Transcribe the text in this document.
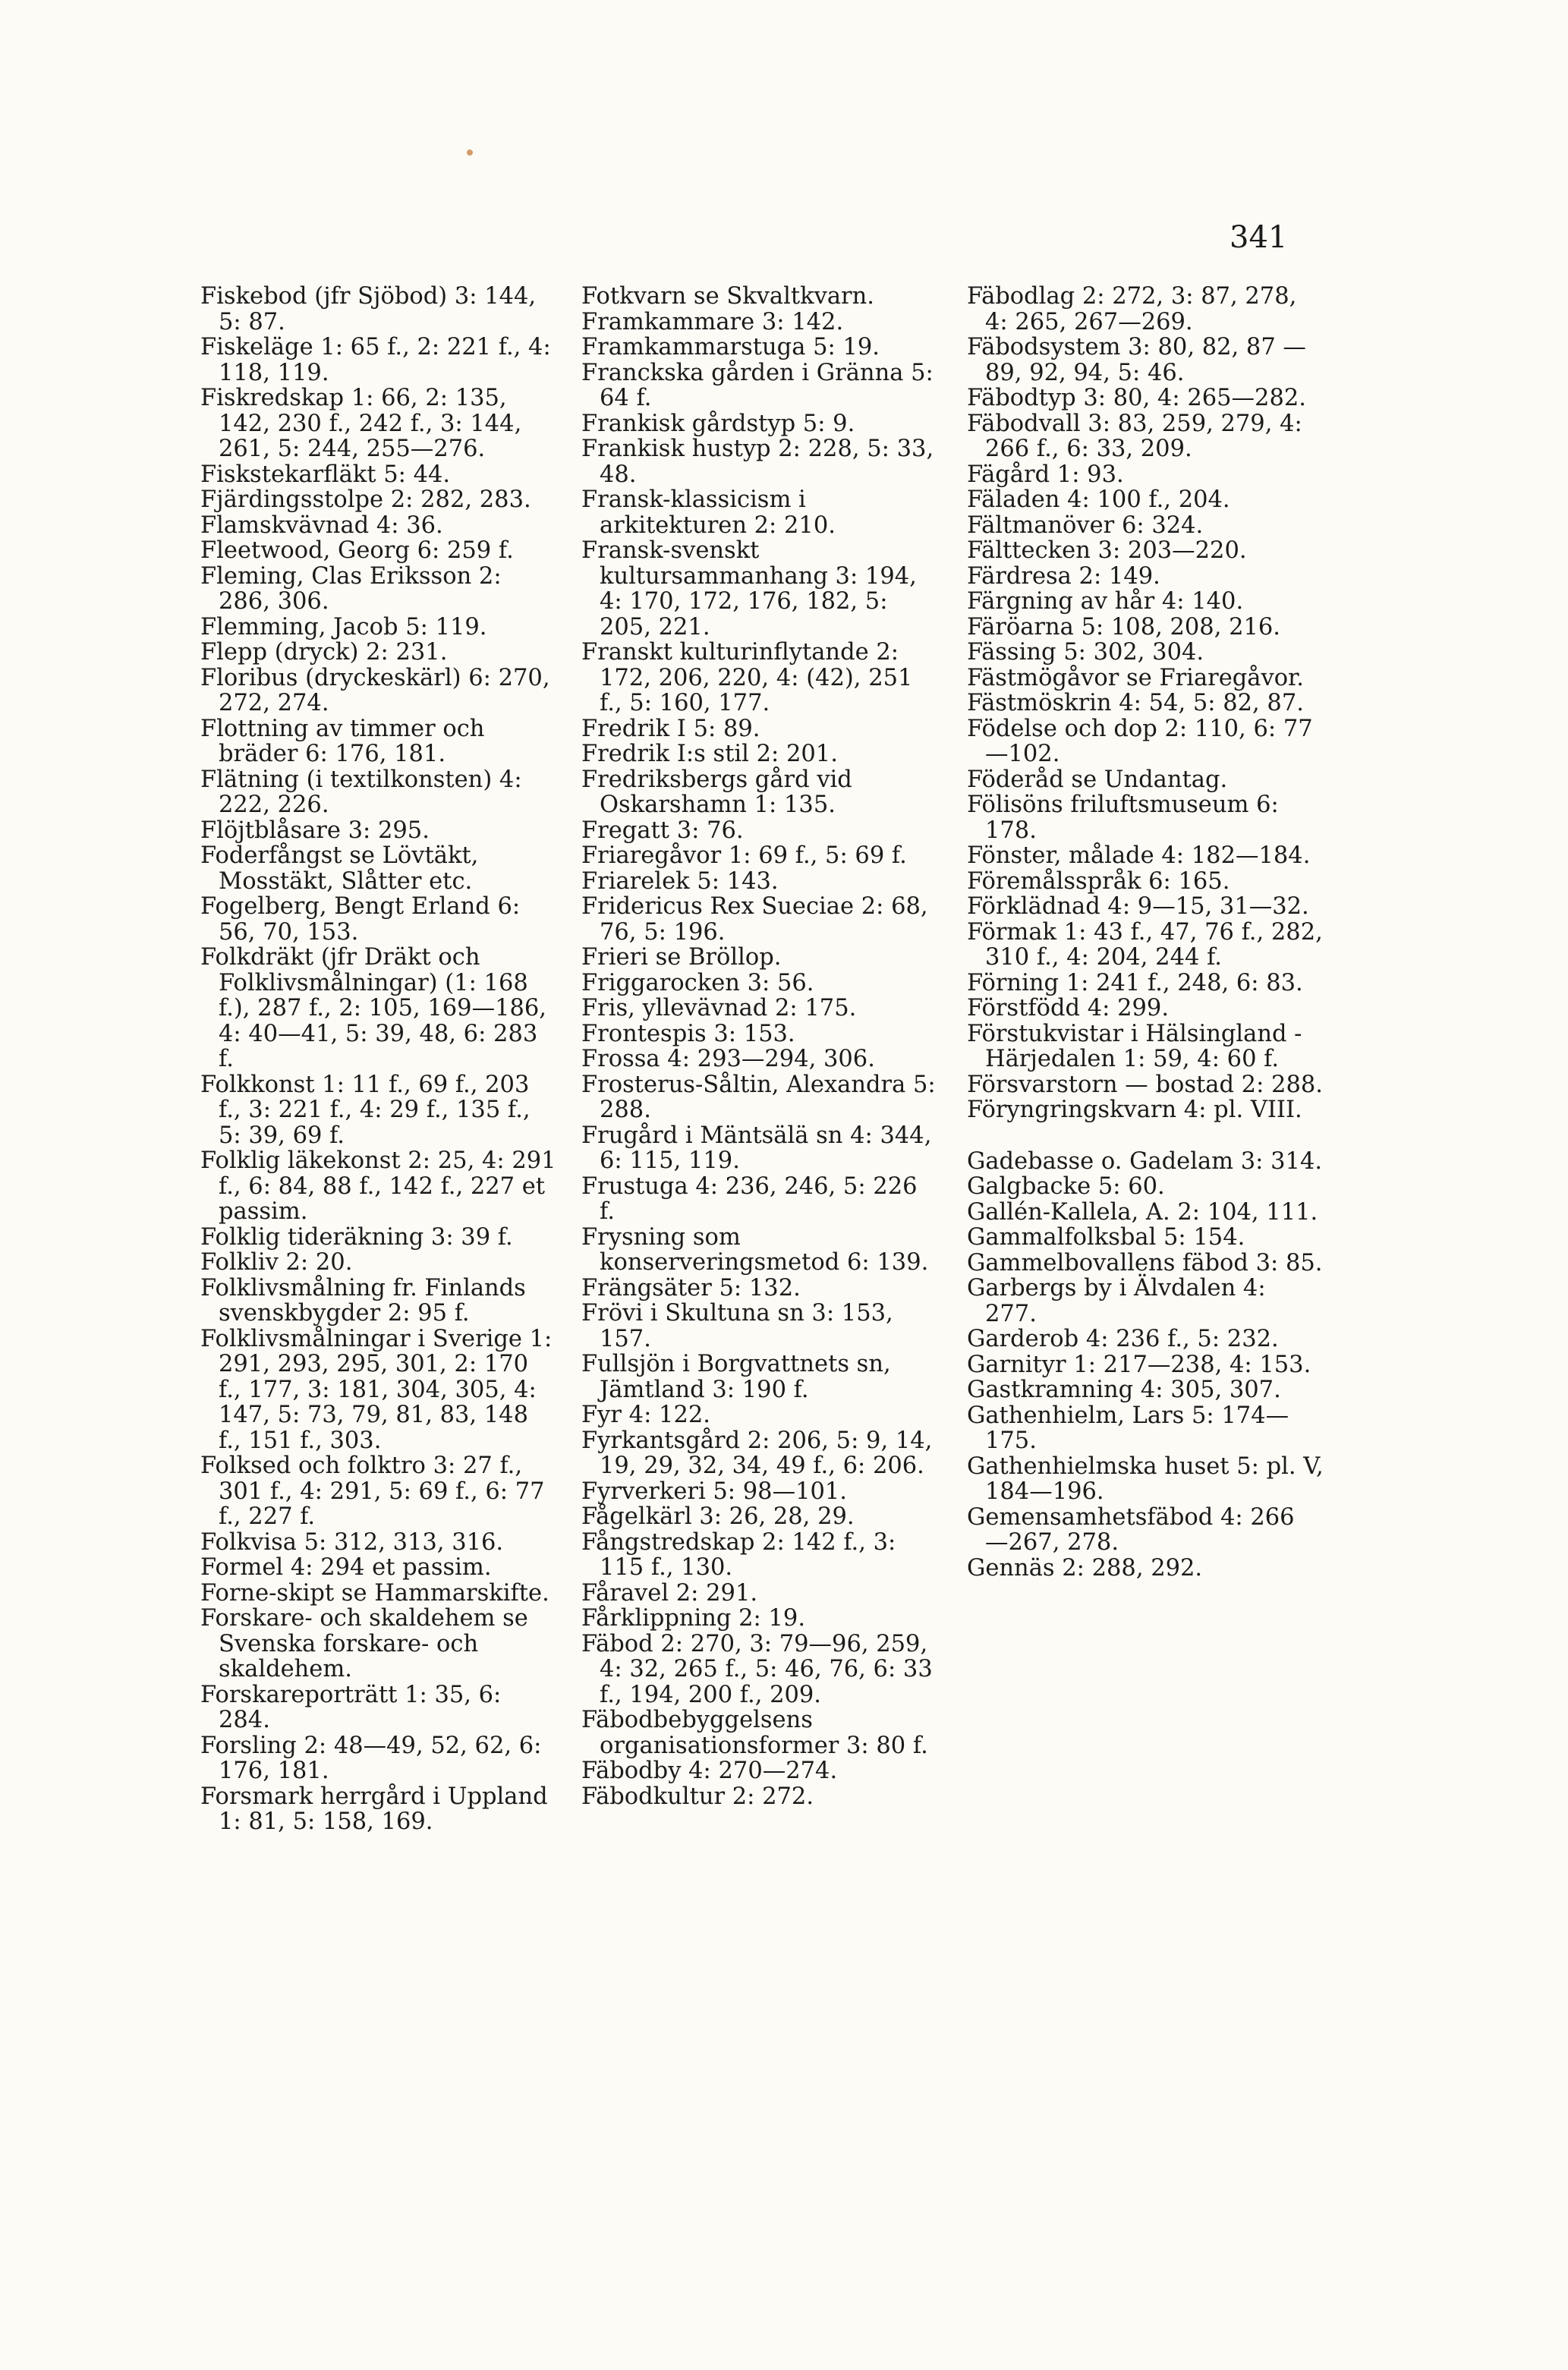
341
Fiskebod (jfr Sjöbod) 3: 144, 5: 87.
Fiskeläge 1: 65 f., 2: 221 f., 4: 118, 119.
Fiskredskap 1: 66, 2: 135, 142, 230 f., 242 f., 3: 144, 261, 5: 244, 255—276.
Fiskstekarfläkt 5: 44.
Fjärdingsstolpe 2: 282, 283.
Flamskvävnad 4: 36.
Fleetwood, Georg 6: 259 f.
Fleming, Clas Eriksson 2: 286, 306.
Flemming, Jacob 5: 119.
Flepp (dryck) 2: 231.
Floribus (dryckeskärl) 6: 270, 272, 274.
Flottning av timmer och bräder 6: 176, 181.
Flätning (i textilkonsten) 4: 222, 226.
Flöjtblåsare 3: 295.
Foderfångst se Lövtäkt, Mosstäkt, Slåtter etc.
Fogelberg, Bengt Erland 6: 56, 70, 153.
Folkdräkt (jfr Dräkt och Folklivsmålningar) (1: 168 f.), 287 f., 2: 105, 169—186, 4: 40—41, 5: 39, 48, 6: 283 f.
Folkkonst 1: 11 f., 69 f., 203 f., 3: 221 f., 4: 29 f., 135 f., 5: 39, 69 f.
Folklig läkekonst 2: 25, 4: 291 f., 6: 84, 88 f., 142 f., 227 et passim.
Folklig tideräkning 3: 39 f.
Folkliv 2: 20.
Folklivsmålning fr. Finlands svenskbygder 2: 95 f.
Folklivsmålningar i Sverige 1: 291, 293, 295, 301, 2: 170 f., 177, 3: 181, 304, 305, 4: 147, 5: 73, 79, 81, 83, 148 f., 151 f., 303.
Folksed och folktro 3: 27 f., 301 f., 4: 291, 5: 69 f., 6: 77 f., 227 f.
Folkvisa 5: 312, 313, 316.
Formel 4: 294 et passim.
Forne-skipt se Hammarskifte.
Forskare- och skaldehem se Svenska forskare- och skaldehem.
Forskareporträtt 1: 35, 6: 284.
Forsling 2: 48—49, 52, 62, 6: 176, 181.
Forsmark herrgård i Uppland 1: 81, 5: 158, 169.
Fotkvarn se Skvaltkvarn.
Framkammare 3: 142.
Framkammarstuga 5: 19.
Franckska gården i Gränna 5: 64 f.
Frankisk gårdstyp 5: 9.
Frankisk hustyp 2: 228, 5: 33, 48.
Fransk-klassicism i arkitekturen 2: 210.
Fransk-svenskt kultursammanhang 3: 194, 4: 170, 172, 176, 182, 5: 205, 221.
Franskt kulturinflytande 2: 172, 206, 220, 4: (42), 251 f., 5: 160, 177.
Fredrik I 5: 89.
Fredrik I:s stil 2: 201.
Fredriksbergs gård vid Oskarshamn 1: 135.
Fregatt 3: 76.
Friaregåvor 1: 69 f., 5: 69 f.
Friarelek 5: 143.
Fridericus Rex Sueciae 2: 68, 76, 5: 196.
Frieri se Bröllop.
Friggarocken 3: 56.
Fris, yllevävnad 2: 175.
Frontespis 3: 153.
Frossa 4: 293—294, 306.
Frosterus-Såltin, Alexandra 5: 288.
Frugård i Mäntsälä sn 4: 344, 6: 115, 119.
Frustuga 4: 236, 246, 5: 226 f.
Frysning som konserveringsmetod 6: 139.
Frängsäter 5: 132.
Frövi i Skultuna sn 3: 153, 157.
Fullsjön i Borgvattnets sn, Jämtland 3: 190 f.
Fyr 4: 122.
Fyrkantsgård 2: 206, 5: 9, 14, 19, 29, 32, 34, 49 f., 6: 206.
Fyrverkeri 5: 98—101.
Fågelkärl 3: 26, 28, 29.
Fångstredskap 2: 142 f., 3: 115 f., 130.
Fåravel 2: 291.
Fårklippning 2: 19.
Fäbod 2: 270, 3: 79—96, 259, 4: 32, 265 f., 5: 46, 76, 6: 33 f., 194, 200 f., 209.
Fäbodbebyggelsens organisationsformer 3: 80 f.
Fäbodby 4: 270—274.
Fäbodkultur 2: 272.
Fäbodlag 2: 272, 3: 87, 278, 4: 265, 267—269.
Fäbodsystem 3: 80, 82, 87 —89, 92, 94, 5: 46.
Fäbodtyp 3: 80, 4: 265—282.
Fäbodvall 3: 83, 259, 279, 4: 266 f., 6: 33, 209.
Fägård 1: 93.
Fäladen 4: 100 f., 204.
Fältmanöver 6: 324.
Fälttecken 3: 203—220.
Färdresa 2: 149.
Färgning av hår 4: 140.
Färöarna 5: 108, 208, 216.
Fässing 5: 302, 304.
Fästmögåvor se Friaregåvor.
Fästmöskrin 4: 54, 5: 82, 87.
Födelse och dop 2: 110, 6: 77—102.
Föderåd se Undantag.
Fölisöns friluftsmuseum 6: 178.
Fönster, målade 4: 182—184.
Föremålsspråk 6: 165.
Förklädnad 4: 9—15, 31—32.
Förmak 1: 43 f., 47, 76 f., 282, 310 f., 4: 204, 244 f.
Förning 1: 241 f., 248, 6: 83.
Förstfödd 4: 299.
Förstukvistar i Hälsingland -Härjedalen 1: 59, 4: 60 f.
Försvarstorn — bostad 2: 288.
Föryngringskvarn 4: pl. VIII.
Gadebasse o. Gadelam 3: 314.
Galgbacke 5: 60.
Gallén-Kallela, A. 2: 104, 111.
Gammalfolksbal 5: 154.
Gammelbovallens fäbod 3: 85.
Garbergs by i Älvdalen 4: 277.
Garderob 4: 236 f., 5: 232.
Garnityr 1: 217—238, 4: 153.
Gastkramning 4: 305, 307.
Gathenhielm, Lars 5: 174—175.
Gathenhielmska huset 5: pl. V, 184—196.
Gemensamhetsfäbod 4: 266 —267, 278.
Gennäs 2: 288, 292.
